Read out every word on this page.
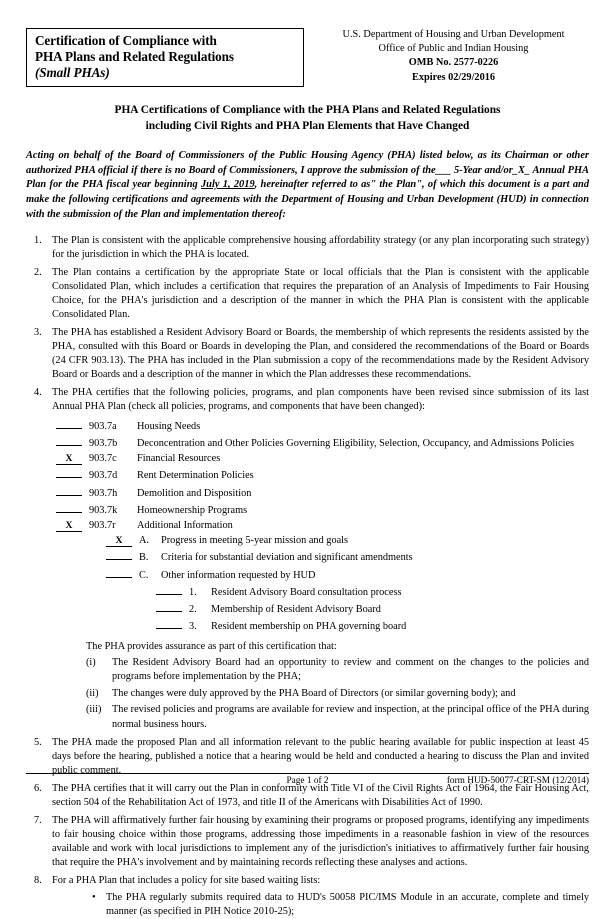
Certification of Compliance with
PHA Plans and Related Regulations
(Small PHAs)
U.S. Department of Housing and Urban Development
Office of Public and Indian Housing
OMB No. 2577-0226
Expires 02/29/2016
PHA Certifications of Compliance with the PHA Plans and Related Regulations
including Civil Rights and PHA Plan Elements that Have Changed
Acting on behalf of the Board of Commissioners of the Public Housing Agency (PHA) listed below, as its Chairman or other authorized PHA official if there is no Board of Commissioners, I approve the submission of the___ 5-Year and/or_X_ Annual PHA Plan for the PHA fiscal year beginning July 1, 2019, hereinafter referred to as" the Plan", of which this document is a part and make the following certifications and agreements with the Department of Housing and Urban Development (HUD) in connection with the submission of the Plan and implementation thereof:
The Plan is consistent with the applicable comprehensive housing affordability strategy (or any plan incorporating such strategy) for the jurisdiction in which the PHA is located.
The Plan contains a certification by the appropriate State or local officials that the Plan is consistent with the applicable Consolidated Plan, which includes a certification that requires the preparation of an Analysis of Impediments to Fair Housing Choice, for the PHA's jurisdiction and a description of the manner in which the PHA Plan is consistent with the applicable Consolidated Plan.
The PHA has established a Resident Advisory Board or Boards, the membership of which represents the residents assisted by the PHA, consulted with this Board or Boards in developing the Plan, and considered the recommendations of the Board or Boards (24 CFR 903.13). The PHA has included in the Plan submission a copy of the recommendations made by the Resident Advisory Board or Boards and a description of the manner in which the Plan addresses these recommendations.
The PHA certifies that the following policies, programs, and plan components have been revised since submission of its last Annual PHA Plan (check all policies, programs, and components that have been changed):
903.7a	Housing Needs
903.7b	Deconcentration and Other Policies Governing Eligibility, Selection, Occupancy, and Admissions Policies
X	903.7c	Financial Resources
903.7d	Rent Determination Policies
903.7h	Demolition and Disposition
903.7k	Homeownership Programs
X	903.7r	Additional Information
X	A.	Progress in meeting 5-year mission and goals
B.	Criteria for substantial deviation and significant amendments
C.	Other information requested by HUD
1.	Resident Advisory Board consultation process
2.	Membership of Resident Advisory Board
3.	Resident membership on PHA governing board
The PHA provides assurance as part of this certification that:
(i)	The Resident Advisory Board had an opportunity to review and comment on the changes to the policies and programs before implementation by the PHA;
(ii)	The changes were duly approved by the PHA Board of Directors (or similar governing body); and
(iii)	The revised policies and programs are available for review and inspection, at the principal office of the PHA during normal business hours.
The PHA made the proposed Plan and all information relevant to the public hearing available for public inspection at least 45 days before the hearing, published a notice that a hearing would be held and conducted a hearing to discuss the Plan and invited public comment.
The PHA certifies that it will carry out the Plan in conformity with Title VI of the Civil Rights Act of 1964, the Fair Housing Act, section 504 of the Rehabilitation Act of 1973, and title II of the Americans with Disabilities Act of 1990.
The PHA will affirmatively further fair housing by examining their programs or proposed programs, identifying any impediments to fair housing choice within those programs, addressing those impediments in a reasonable fashion in view of the resources available and work with local jurisdictions to implement any of the jurisdiction's initiatives to affirmatively further fair housing that require the PHA's involvement and by maintaining records reflecting these analyses and actions.
For a PHA Plan that includes a policy for site based waiting lists:
•	The PHA regularly submits required data to HUD's 50058 PIC/IMS Module in an accurate, complete and timely manner (as specified in PIH Notice 2010-25);
Page 1 of 2	form HUD-50077-CRT-SM (12/2014)
